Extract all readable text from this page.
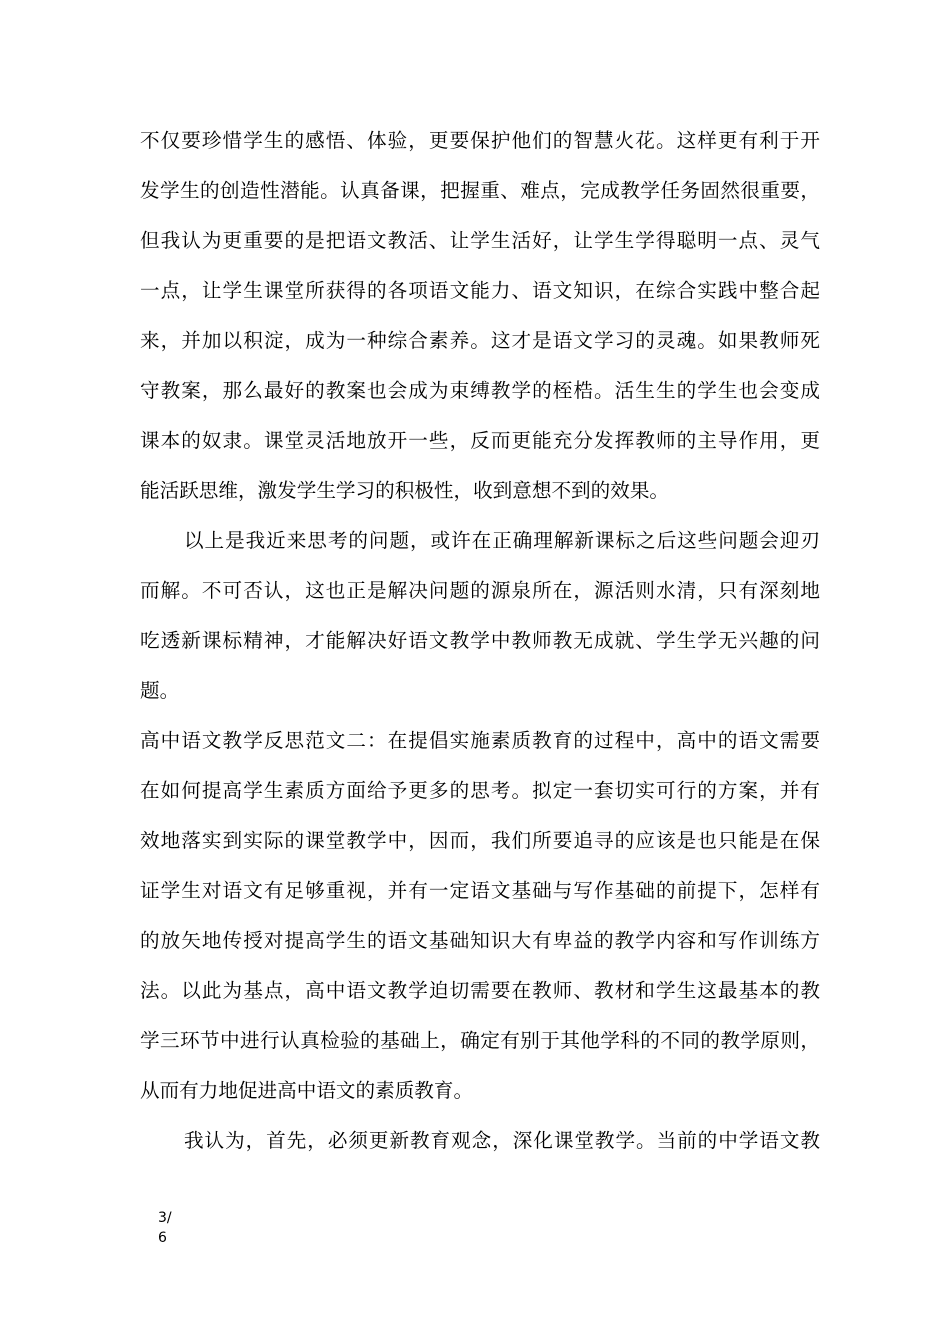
不仅要珍惜学生的感悟、体验，更要保护他们的智慧火花。这样更有利于开
发学生的创造性潜能。认真备课，把握重、难点，完成教学任务固然很重要，
但我认为更重要的是把语文教活、让学生活好，让学生学得聪明一点、灵气
一点，让学生课堂所获得的各项语文能力、语文知识，在综合实践中整合起
来，并加以积淀，成为一种综合素养。这才是语文学习的灵魂。如果教师死
守教案，那么最好的教案也会成为束缚教学的桎梏。活生生的学生也会变成
课本的奴隶。课堂灵活地放开一些，反而更能充分发挥教师的主导作用，更
能活跃思维，激发学生学习的积极性，收到意想不到的效果。
以上是我近来思考的问题，或许在正确理解新课标之后这些问题会迎刃
而解。不可否认，这也正是解决问题的源泉所在，源活则水清，只有深刻地
吃透新课标精神，才能解决好语文教学中教师教无成就、学生学无兴趣的问
题。
高中语文教学反思范文二：在提倡实施素质教育的过程中，高中的语文需要
在如何提高学生素质方面给予更多的思考。拟定一套切实可行的方案，并有
效地落实到实际的课堂教学中，因而，我们所要追寻的应该是也只能是在保
证学生对语文有足够重视，并有一定语文基础与写作基础的前提下，怎样有
的放矢地传授对提高学生的语文基础知识大有卑益的教学内容和写作训练方
法。以此为基点，高中语文教学迫切需要在教师、教材和学生这最基本的教
学三环节中进行认真检验的基础上，确定有别于其他学科的不同的教学原则，
从而有力地促进高中语文的素质教育。
我认为，首先，必须更新教育观念，深化课堂教学。当前的中学语文教
3/
6
